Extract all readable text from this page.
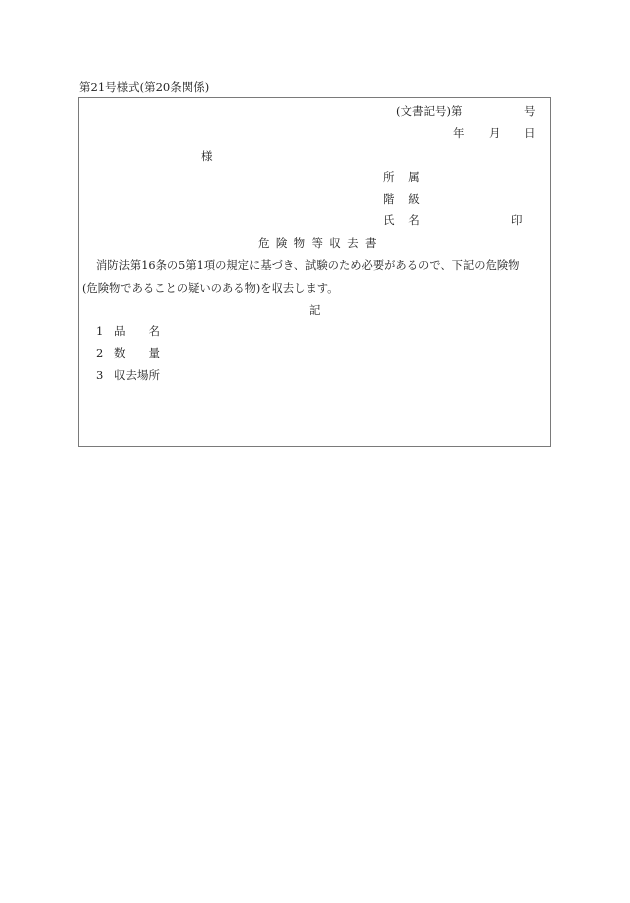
第21号様式(第20条関係)
(文書記号)第	号
年 月 日
様
所　属
階　級
氏　名	印
危険物等収去書
消防法第16条の5第1項の規定に基づき、試験のため必要があるので、下記の危険物
(危険物であることの疑いのある物)を収去します。
記
1 品　　名
2 数　　量
3 収去場所
